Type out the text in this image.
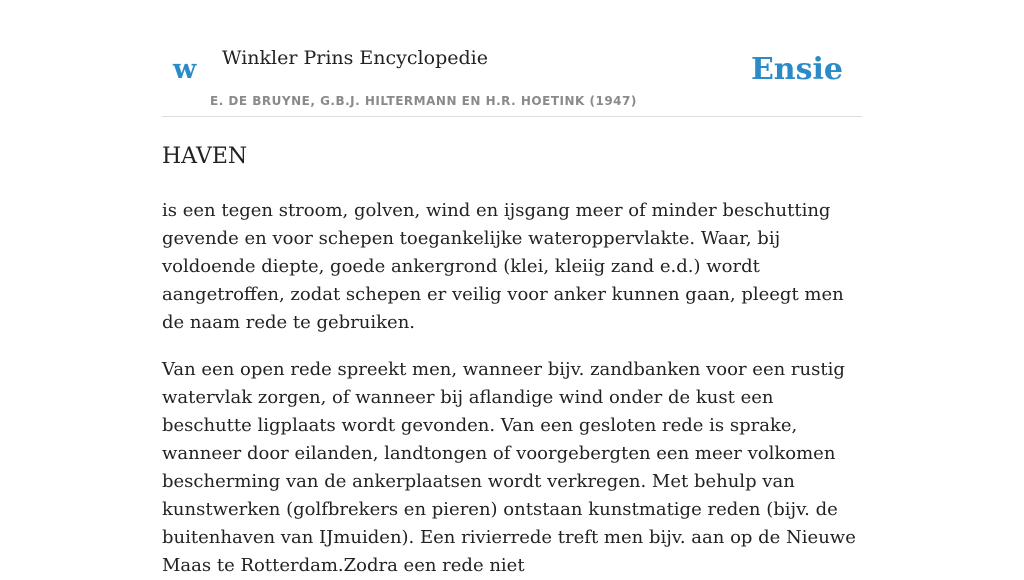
w Winkler Prins Encyclopedie
E. DE BRUYNE, G.B.J. HILTERMANN EN H.R. HOETINK (1947)
Ensie
HAVEN

is een tegen stroom, golven, wind en ijsgang meer of minder beschutting gevende en voor schepen toegankelijke wateroppervlakte. Waar, bij voldoende diepte, goede ankergrond (klei, kleiig zand e.d.) wordt aangetroffen, zodat schepen er veilig voor anker kunnen gaan, pleegt men de naam rede te gebruiken.

Van een open rede spreekt men, wanneer bijv. zandbanken voor een rustig watervlak zorgen, of wanneer bij aflandige wind onder de kust een beschutte ligplaats wordt gevonden. Van een gesloten rede is sprake, wanneer door eilanden, landtongen of voorgebergten een meer volkomen bescherming van de ankerplaatsen wordt verkregen. Met behulp van kunstwerken (golfbrekers en pieren) ontstaan kunstmatige reden (bijv. de buitenhaven van IJmuiden). Een rivierrede treft men bijv. aan op de Nieuwe Maas te Rotterdam.Zodra een rede niet
